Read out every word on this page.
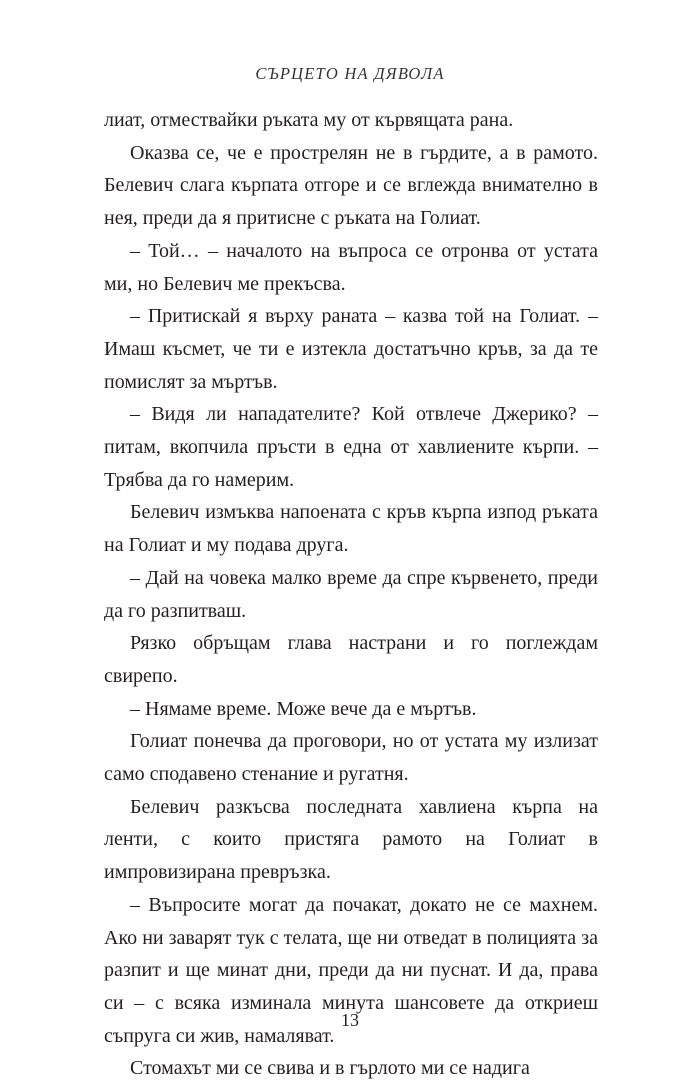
СЪРЦЕТО НА ДЯВОЛА

лиат, отмествайки ръката му от кървящата рана.

Оказва се, че е прострелян не в гърдите, а в рамото. Белевич слага кърпата отгоре и се вглежда внимателно в нея, преди да я притисне с ръката на Голиат.

– Той… – началото на въпроса се отронва от устата ми, но Белевич ме прекъсва.

– Притискай я върху раната – казва той на Голиат. – Имаш късмет, че ти е изтекла достатъчно кръв, за да те помислят за мъртъв.

– Видя ли нападателите? Кой отвлече Джерико? – питам, вкопчила пръсти в една от хавлиените кърпи. – Трябва да го намерим.

Белевич измъква напоената с кръв кърпа изпод ръката на Голиат и му подава друга.

– Дай на човека малко време да спре кървенето, преди да го разпитваш.

Рязко обръщам глава настрани и го поглеждам свирепо.

– Нямаме време. Може вече да е мъртъв.

Голиат понечва да проговори, но от устата му излизат само сподавено стенание и ругатня.

Белевич разкъсва последната хавлиена кърпа на ленти, с които пристяга рамото на Голиат в импровизирана превръзка.

– Въпросите могат да почакат, докато не се махнем. Ако ни заварят тук с телата, ще ни отведат в полицията за разпит и ще минат дни, преди да ни пуснат. И да, права си – с всяка изминала минута шансовете да откриеш съпруга си жив, намаляват.

Стомахът ми се свива и в гърлото ми се надига

13
